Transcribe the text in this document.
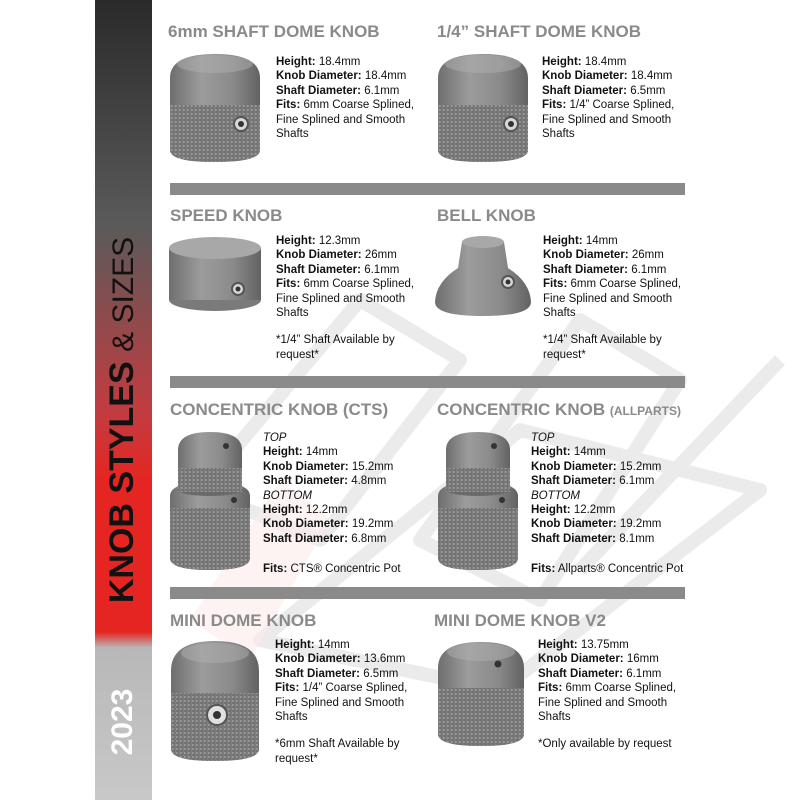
KNOB STYLES & SIZES
2023
6mm SHAFT DOME KNOB
Height: 18.4mm
Knob Diameter: 18.4mm
Shaft Diameter: 6.1mm
Fits: 6mm Coarse Splined,
Fine Splined and Smooth
Shafts
1/4” SHAFT DOME KNOB
Height: 18.4mm
Knob Diameter: 18.4mm
Shaft Diameter: 6.5mm
Fits: 1/4” Coarse Splined,
Fine Splined and Smooth
Shafts
SPEED KNOB
Height: 12.3mm
Knob Diameter: 26mm
Shaft Diameter: 6.1mm
Fits: 6mm Coarse Splined,
Fine Splined and Smooth
Shafts
*1/4” Shaft Available by
request*
BELL KNOB
Height: 14mm
Knob Diameter: 26mm
Shaft Diameter: 6.1mm
Fits: 6mm Coarse Splined,
Fine Splined and Smooth
Shafts
*1/4” Shaft Available by
request*
CONCENTRIC KNOB (CTS)
TOP
Height: 14mm
Knob Diameter: 15.2mm
Shaft Diameter: 4.8mm
BOTTOM
Height: 12.2mm
Knob Diameter: 19.2mm
Shaft Diameter: 6.8mm
Fits: CTS® Concentric Pot
CONCENTRIC KNOB (ALLPARTS)
TOP
Height: 14mm
Knob Diameter: 15.2mm
Shaft Diameter: 6.1mm
BOTTOM
Height: 12.2mm
Knob Diameter: 19.2mm
Shaft Diameter: 8.1mm
Fits: Allparts® Concentric Pot
MINI DOME KNOB
Height: 14mm
Knob Diameter: 13.6mm
Shaft Diameter: 6.5mm
Fits: 1/4” Coarse Splined,
Fine Splined and Smooth
Shafts
*6mm Shaft Available by
request*
MINI DOME KNOB V2
Height: 13.75mm
Knob Diameter: 16mm
Shaft Diameter: 6.1mm
Fits: 6mm Coarse Splined,
Fine Splined and Smooth
Shafts
*Only available by request
